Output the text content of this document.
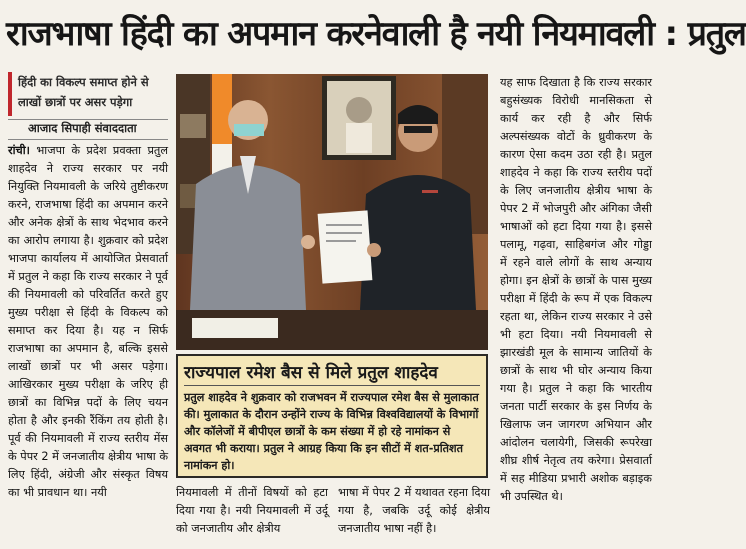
राजभाषा हिंदी का अपमान करनेवाली है नयी नियमावली : प्रतुल
हिंदी का विकल्प समाप्त होने से लाखों छात्रों पर असर पड़ेगा
आजाद सिपाही संवाददाता

रांची। भाजपा के प्रदेश प्रवक्ता प्रतुल शाहदेव ने राज्य सरकार पर नयी नियुक्ति नियमावली के जरिये तुष्टीकरण करने, राजभाषा हिंदी का अपमान करने और अनेक क्षेत्रों के साथ भेदभाव करने का आरोप लगाया है। शुक्रवार को प्रदेश भाजपा कार्यालय में आयोजित प्रेसवार्ता में प्रतुल ने कहा कि राज्य सरकार ने पूर्व की नियमावली को परिवर्तित करते हुए मुख्य परीक्षा से हिंदी के विकल्प को समाप्त कर दिया है। यह न सिर्फ राजभाषा का अपमान है, बल्कि इससे लाखों छात्रों पर भी असर पड़ेगा। आखिरकार मुख्य परीक्षा के जरिए ही छात्रों का विभिन्न पदों के लिए चयन होता है और इनकी रैंकिंग तय होती है। पूर्व की नियमावली में राज्य स्तरीय मेंस के पेपर 2 में जनजातीय क्षेत्रीय भाषा के लिए हिंदी, अंग्रेजी और संस्कृत विषय का भी प्रावधान था। नयी

राज्यपाल रमेश बैस से मिले प्रतुल शाहदेव
प्रतुल शाहदेव ने शुक्रवार को राजभवन में राज्यपाल रमेश बैस से मुलाकात की। मुलाकात के दौरान उन्होंने राज्य के विभिन्न विश्वविद्यालयों के विभागों और कॉलेजों में बीपीएल छात्रों के कम संख्या में हो रहे नामांकन से अवगत भी कराया। प्रतुल ने आग्रह किया कि इन सीटों में शत-प्रतिशत नामांकन हो।

नियमावली में तीनों विषयों को हटा दिया गया है। नयी नियमावली में उर्दू को जनजातीय और क्षेत्रीय

भाषा में पेपर 2 में यथावत रहना दिया गया है, जबकि उर्दू कोई क्षेत्रीय जनजातीय भाषा नहीं है।

यह साफ दिखाता है कि राज्य सरकार बहुसंख्यक विरोधी मानसिकता से कार्य कर रही है और सिर्फ अल्पसंख्यक वोटों के ध्रुवीकरण के कारण ऐसा कदम उठा रही है। प्रतुल शाहदेव ने कहा कि राज्य स्तरीय पदों के लिए जनजातीय क्षेत्रीय भाषा के पेपर 2 में भोजपुरी और अंगिका जैसी भाषाओं को हटा दिया गया है। इससे पलामू, गढ़वा, साहिबगंज और गोड्डा में रहने वाले लोगों के साथ अन्याय होगा। इन क्षेत्रों के छात्रों के पास मुख्य परीक्षा में हिंदी के रूप में एक विकल्प रहता था, लेकिन राज्य सरकार ने उसे भी हटा दिया। नयी नियमावली से झारखंडी मूल के सामान्य जातियों के छात्रों के साथ भी घोर अन्याय किया गया है। प्रतुल ने कहा कि भारतीय जनता पार्टी सरकार के इस निर्णय के खिलाफ जन जागरण अभियान और आंदोलन चलायेगी, जिसकी रूपरेखा शीघ्र शीर्ष नेतृत्व तय करेगा। प्रेसवार्ता में सह मीडिया प्रभारी अशोक बड़ाइक भी उपस्थित थे।
